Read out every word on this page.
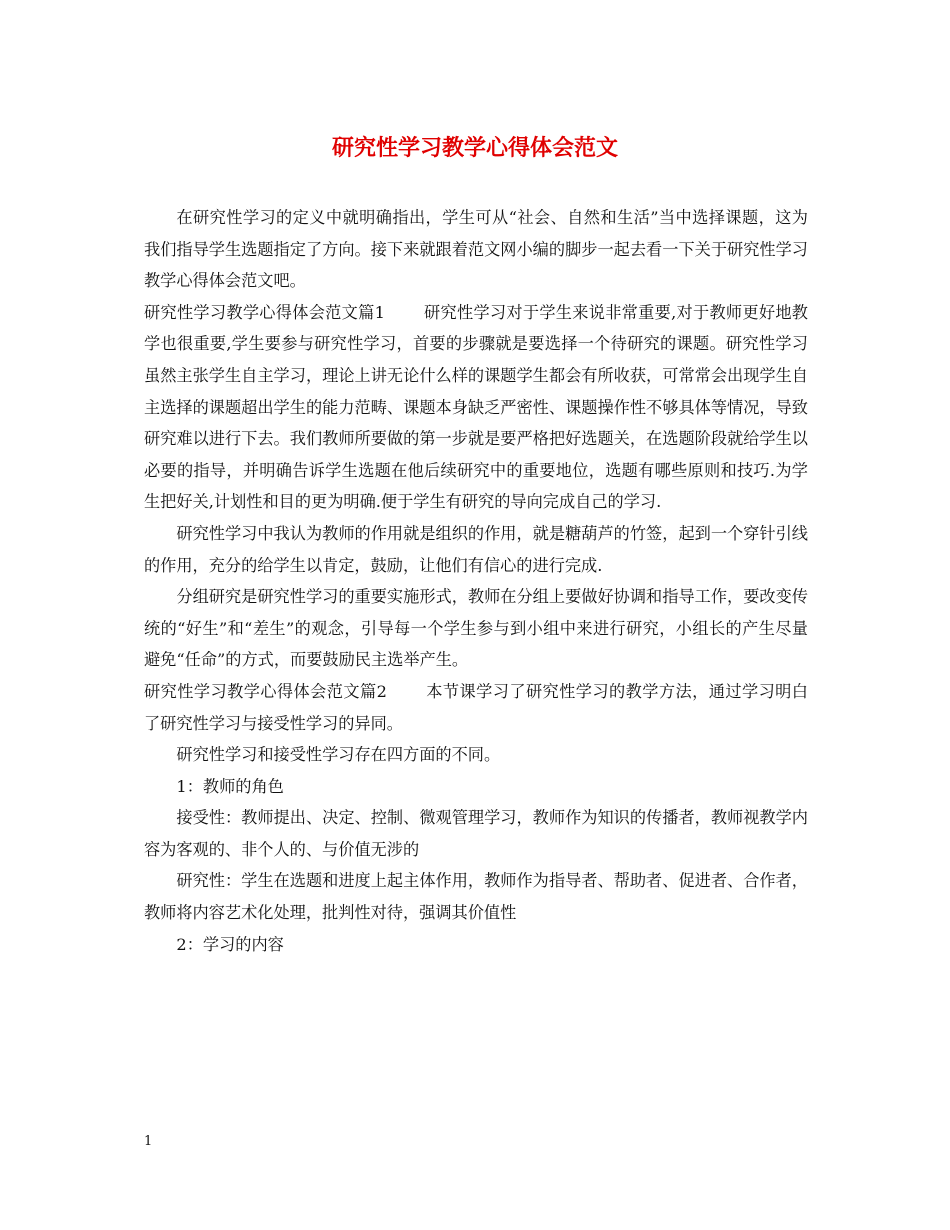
研究性学习教学心得体会范文

在研究性学习的定义中就明确指出，学生可从“社会、自然和生活”当中选择课题，这为我们指导学生选题指定了方向。接下来就跟着范文网小编的脚步一起去看一下关于研究性学习教学心得体会范文吧。

研究性学习教学心得体会范文篇1 研究性学习对于学生来说非常重要,对于教师更好地教学也很重要,学生要参与研究性学习，首要的步骤就是要选择一个待研究的课题。研究性学习虽然主张学生自主学习，理论上讲无论什么样的课题学生都会有所收获，可常常会出现学生自主选择的课题超出学生的能力范畴、课题本身缺乏严密性、课题操作性不够具体等情况，导致研究难以进行下去。我们教师所要做的第一步就是要严格把好选题关，在选题阶段就给学生以必要的指导，并明确告诉学生选题在他后续研究中的重要地位，选题有哪些原则和技巧.为学生把好关,计划性和目的更为明确.便于学生有研究的导向完成自己的学习.

研究性学习中我认为教师的作用就是组织的作用，就是糖葫芦的竹签，起到一个穿针引线的作用，充分的给学生以肯定，鼓励，让他们有信心的进行完成.

分组研究是研究性学习的重要实施形式，教师在分组上要做好协调和指导工作，要改变传统的“好生”和“差生”的观念，引导每一个学生参与到小组中来进行研究，小组长的产生尽量避免“任命”的方式，而要鼓励民主选举产生。

研究性学习教学心得体会范文篇2 本节课学习了研究性学习的教学方法，通过学习明白了研究性学习与接受性学习的异同。

研究性学习和接受性学习存在四方面的不同。

1：教师的角色

接受性：教师提出、决定、控制、微观管理学习，教师作为知识的传播者，教师视教学内容为客观的、非个人的、与价值无涉的

研究性：学生在选题和进度上起主体作用，教师作为指导者、帮助者、促进者、合作者，教师将内容艺术化处理，批判性对待，强调其价值性

2：学习的内容

1
